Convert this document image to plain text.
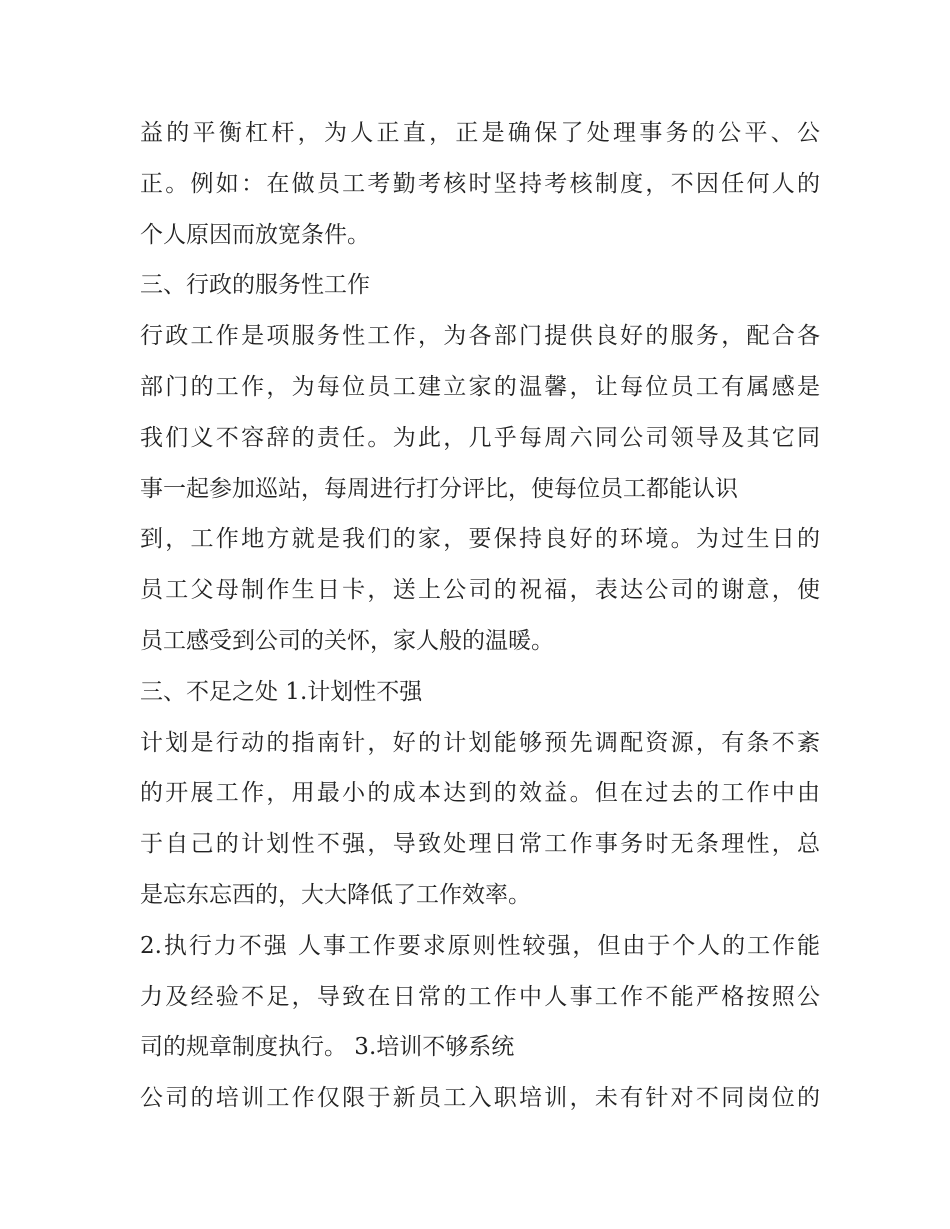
益的平衡杠杆，为人正直，正是确保了处理事务的公平、公
正。例如：在做员工考勤考核时坚持考核制度，不因任何人的
个人原因而放宽条件。
三、行政的服务性工作
行政工作是项服务性工作，为各部门提供良好的服务，配合各
部门的工作，为每位员工建立家的温馨，让每位员工有属感是
我们义不容辞的责任。为此，几乎每周六同公司领导及其它同
事一起参加巡站，每周进行打分评比，使每位员工都能认识
到，工作地方就是我们的家，要保持良好的环境。为过生日的
员工父母制作生日卡，送上公司的祝福，表达公司的谢意，使
员工感受到公司的关怀，家人般的温暖。
三、不足之处 1.计划性不强
计划是行动的指南针，好的计划能够预先调配资源，有条不紊
的开展工作，用最小的成本达到的效益。但在过去的工作中由
于自己的计划性不强，导致处理日常工作事务时无条理性，总
是忘东忘西的，大大降低了工作效率。
2.执行力不强 人事工作要求原则性较强，但由于个人的工作能
力及经验不足，导致在日常的工作中人事工作不能严格按照公
司的规章制度执行。 3.培训不够系统
公司的培训工作仅限于新员工入职培训，未有针对不同岗位的
